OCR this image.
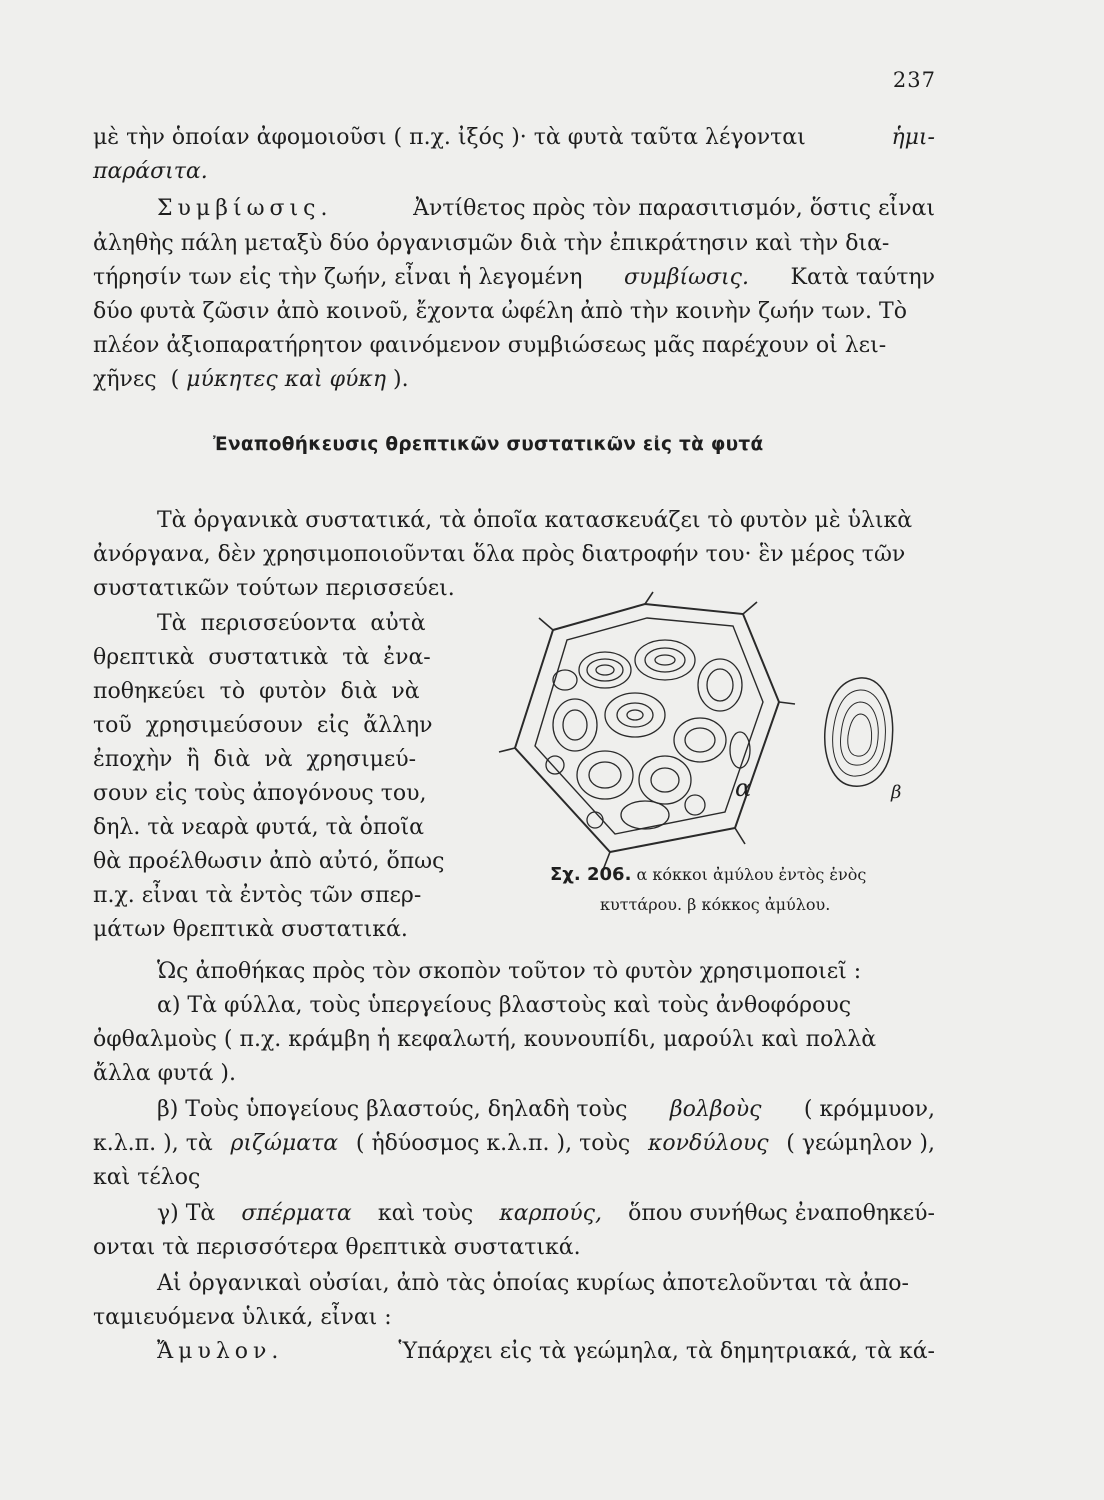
237
μὲ τὴν ὁποίαν ἀφομοιοῦσι ( π.χ. ἰξός )· τὰ φυτὰ ταῦτα λέγονται	ἡμι-
παράσιτα.
Συμβίωσις.	Ἀντίθετος πρὸς τὸν παρασιτισμόν, ὅστις εἶναι
ἀληθὴς πάλη μεταξὺ δύο ὀργανισμῶν διὰ τὴν ἐπικράτησιν καὶ τὴν δια-
τήρησίν των εἰς τὴν ζωήν, εἶναι ἡ λεγομένη συμβίωσις. Κατὰ ταύτην
δύο φυτὰ ζῶσιν ἀπὸ κοινοῦ, ἔχοντα ὠφέλη ἀπὸ τὴν κοινὴν ζωήν των. Τὸ
πλέον ἀξιοπαρατήρητον φαινόμενον συμβιώσεως μᾶς παρέχουν οἱ λει-
χῆνες  ( μύκητες καὶ φύκη ).
Ἐναποθήκευσις θρεπτικῶν συστατικῶν εἰς τὰ φυτά
Τὰ ὀργανικὰ συστατικά, τὰ ὁποῖα κατασκευάζει τὸ φυτὸν μὲ ὑλικὰ
ἀνόργανα, δὲν χρησιμοποιοῦνται ὅλα πρὸς διατροφήν του· ἓν μέρος τῶν
συστατικῶν τούτων περισσεύει.
Τὰ  περισσεύοντα  αὐτὰ
θρεπτικὰ  συστατικὰ  τὰ  ἐνα-
ποθηκεύει  τὸ  φυτὸν  διὰ  νὰ
τοῦ  χρησιμεύσουν  εἰς  ἄλλην
ἐποχὴν  ἢ  διὰ  νὰ  χρησιμεύ-
σουν εἰς τοὺς ἀπογόνους του,
δηλ. τὰ νεαρὰ φυτά, τὰ ὁποῖα
θὰ προέλθωσιν ἀπὸ αὐτό, ὅπως
π.χ. εἶναι τὰ ἐντὸς τῶν σπερ-
μάτων θρεπτικὰ συστατικά.
α	β
Σχ. 206. α κόκκοι ἀμύλου ἐντὸς ἑνὸς
κυττάρου. β κόκκος ἀμύλου.
Ὡς ἀποθήκας πρὸς τὸν σκοπὸν τοῦτον τὸ φυτὸν χρησιμοποιεῖ :
α) Τὰ φύλλα, τοὺς ὑπεργείους βλαστοὺς καὶ τοὺς ἀνθοφόρους
ὀφθαλμοὺς ( π.χ. κράμβη ἡ κεφαλωτή, κουνουπίδι, μαρούλι καὶ πολλὰ
ἄλλα φυτά ).
β) Τοὺς ὑπογείους βλαστούς, δηλαδὴ τοὺς βολβοὺς ( κρόμμυον,
κ.λ.π. ), τὰ ριζώματα ( ἡδύοσμος κ.λ.π. ), τοὺς κονδύλους ( γεώμηλον ),
καὶ τέλος
γ) Τὰ σπέρματα καὶ τοὺς καρπούς, ὅπου συνήθως ἐναποθηκεύ-
ονται τὰ περισσότερα θρεπτικὰ συστατικά.
Αἱ ὀργανικαὶ οὐσίαι, ἀπὸ τὰς ὁποίας κυρίως ἀποτελοῦνται τὰ ἀπο-
ταμιευόμενα ὑλικά, εἶναι :
Ἄμυλον.	Ὑπάρχει εἰς τὰ γεώμηλα, τὰ δημητριακά, τὰ κά-
